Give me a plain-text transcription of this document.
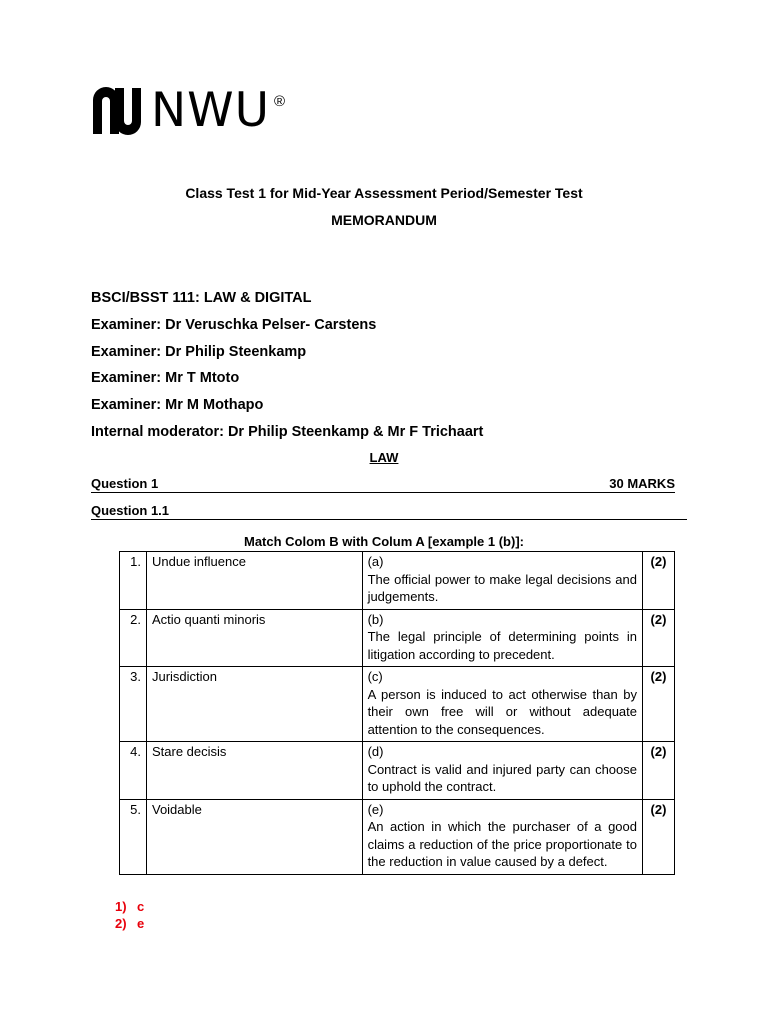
NWU ®
Class Test 1 for Mid-Year Assessment Period/Semester Test
MEMORANDUM
BSCI/BSST 111: LAW & DIGITAL
Examiner: Dr Veruschka Pelser- Carstens
Examiner: Dr Philip Steenkamp
Examiner: Mr T Mtoto
Examiner: Mr M Mothapo
Internal moderator: Dr Philip Steenkamp & Mr F Trichaart
LAW
Question 1	30 MARKS
Question 1.1
Match Colom B with Colum A [example 1 (b)]:
1.	Undue influence	(a)
The official power to make legal decisions and judgements.	(2)
2.	Actio quanti minoris	(b)
The legal principle of determining points in litigation according to precedent.	(2)
3.	Jurisdiction	(c)
A person is induced to act otherwise than by their own free will or without adequate attention to the consequences.	(2)
4.	Stare decisis	(d)
Contract is valid and injured party can choose to uphold the contract.	(2)
5.	Voidable	(e)
An action in which the purchaser of a good claims a reduction of the price proportionate to the reduction in value caused by a defect.	(2)
1) c
2) e
